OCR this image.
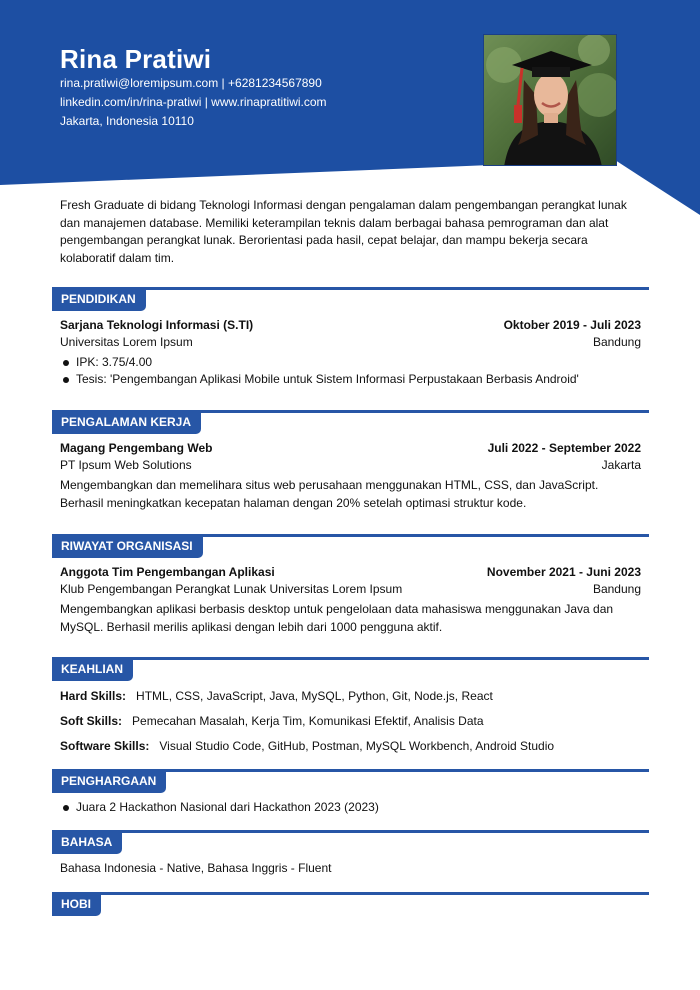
Rina Pratiwi
rina.pratiwi@loremipsum.com | +6281234567890
linkedin.com/in/rina-pratiwi | www.rinapratitiwi.com
Jakarta, Indonesia 10110
Fresh Graduate di bidang Teknologi Informasi dengan pengalaman dalam pengembangan perangkat lunak dan manajemen database. Memiliki keterampilan teknis dalam berbagai bahasa pemrograman dan alat pengembangan perangkat lunak. Berorientasi pada hasil, cepat belajar, dan mampu bekerja secara kolaboratif dalam tim.
PENDIDIKAN
Sarjana Teknologi Informasi (S.TI)	Oktober 2019 - Juli 2023
Universitas Lorem Ipsum	Bandung
IPK: 3.75/4.00
Tesis: 'Pengembangan Aplikasi Mobile untuk Sistem Informasi Perpustakaan Berbasis Android'
PENGALAMAN KERJA
Magang Pengembang Web	Juli 2022 - September 2022
PT Ipsum Web Solutions	Jakarta
Mengembangkan dan memelihara situs web perusahaan menggunakan HTML, CSS, dan JavaScript. Berhasil meningkatkan kecepatan halaman dengan 20% setelah optimasi struktur kode.
RIWAYAT ORGANISASI
Anggota Tim Pengembangan Aplikasi	November 2021 - Juni 2023
Klub Pengembangan Perangkat Lunak Universitas Lorem Ipsum	Bandung
Mengembangkan aplikasi berbasis desktop untuk pengelolaan data mahasiswa menggunakan Java dan MySQL. Berhasil merilis aplikasi dengan lebih dari 1000 pengguna aktif.
KEAHLIAN
Hard Skills: HTML, CSS, JavaScript, Java, MySQL, Python, Git, Node.js, React
Soft Skills: Pemecahan Masalah, Kerja Tim, Komunikasi Efektif, Analisis Data
Software Skills: Visual Studio Code, GitHub, Postman, MySQL Workbench, Android Studio
PENGHARGAAN
Juara 2 Hackathon Nasional dari Hackathon 2023 (2023)
BAHASA
Bahasa Indonesia - Native, Bahasa Inggris - Fluent
HOBI
